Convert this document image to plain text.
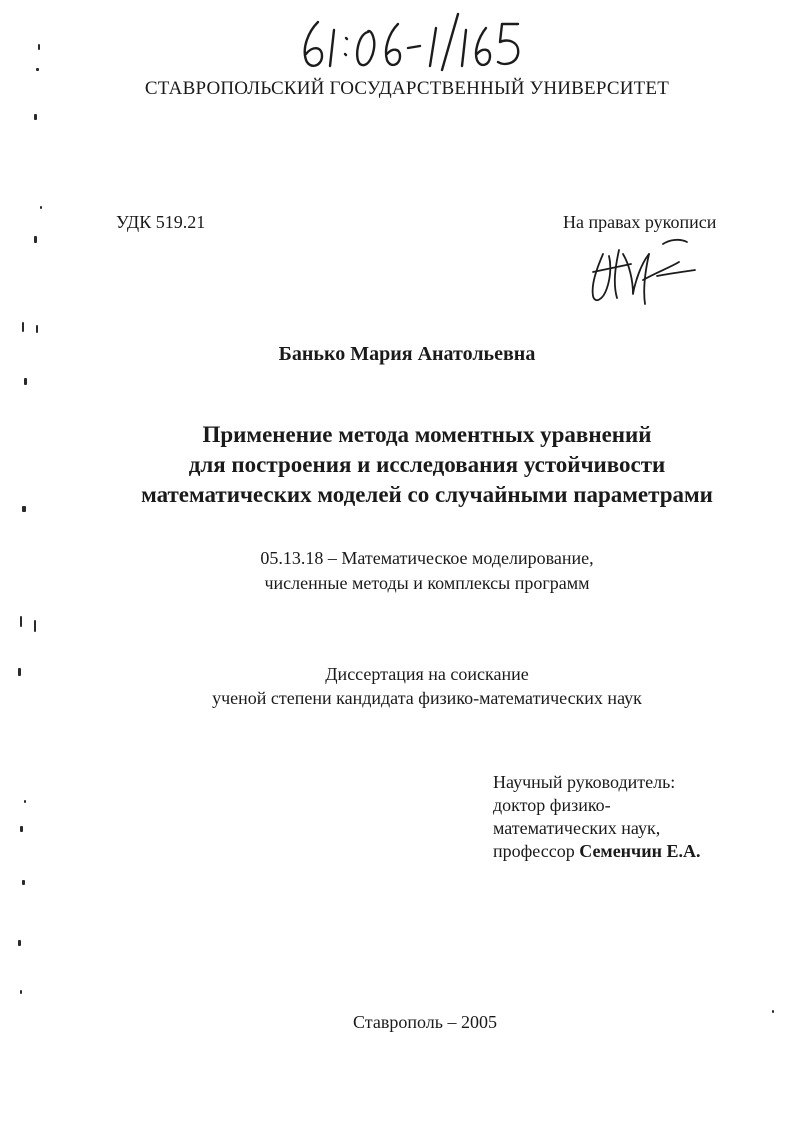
СТАВРОПОЛЬСКИЙ ГОСУДАРСТВЕННЫЙ УНИВЕРСИТЕТ
УДК 519.21	На правах рукописи
Банько Мария Анатольевна
Применение метода моментных уравнений
для построения и исследования устойчивости
математических моделей со случайными параметрами
05.13.18 – Математическое моделирование,
численные методы и комплексы программ
Диссертация на соискание
ученой степени кандидата физико-математических наук
Научный руководитель:
доктор физико-
математических наук,
профессор Семенчин Е.А.
Ставрополь – 2005
